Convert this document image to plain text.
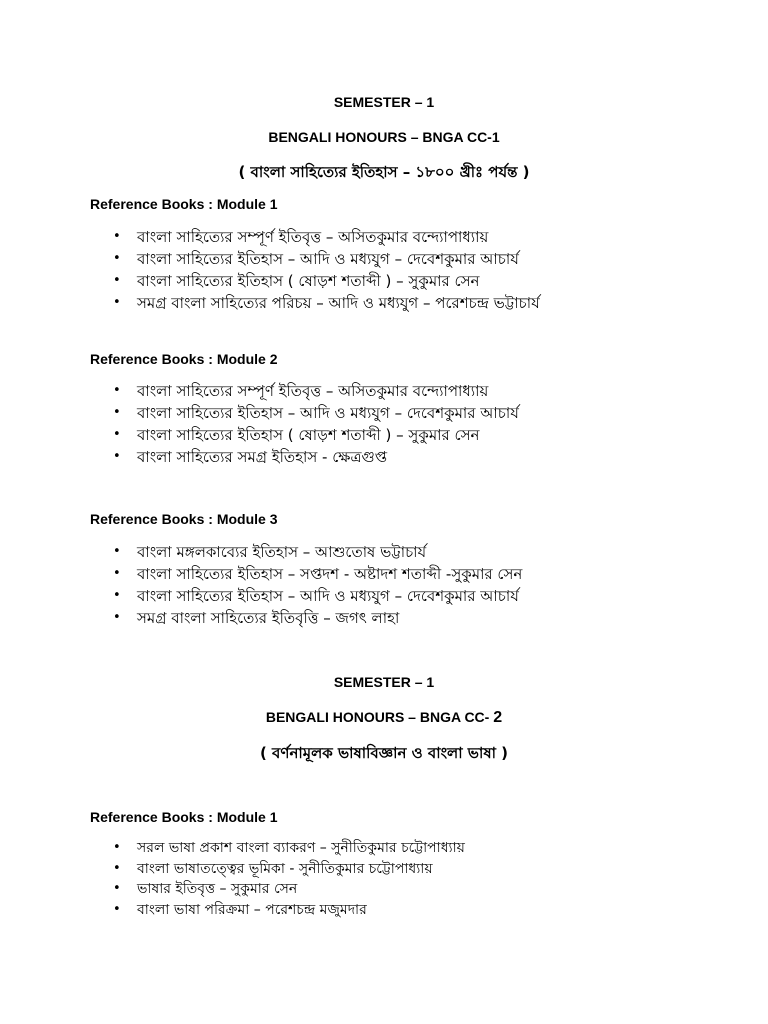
SEMESTER – 1
BENGALI HONOURS – BNGA CC-1
( বাংলা সাহিত্যের ইতিহাস – ১৮০০ খ্রীঃ পর্যন্ত )
Reference Books : Module 1
• বাংলা সাহিত্যের সম্পূর্ণ ইতিবৃত্ত – অসিতকুমার বন্দ্যোপাধ্যায়
• বাংলা সাহিত্যের ইতিহাস – আদি ও মধ্যযুগ – দেবেশকুমার আচার্য
• বাংলা সাহিত্যের ইতিহাস ( ষোড়শ শতাব্দী ) – সুকুমার সেন
• সমগ্র বাংলা সাহিত্যের পরিচয় – আদি ও মধ্যযুগ – পরেশচন্দ্র ভট্টাচার্য
Reference Books : Module 2
• বাংলা সাহিত্যের সম্পূর্ণ ইতিবৃত্ত – অসিতকুমার বন্দ্যোপাধ্যায়
• বাংলা সাহিত্যের ইতিহাস – আদি ও মধ্যযুগ – দেবেশকুমার আচার্য
• বাংলা সাহিত্যের ইতিহাস ( ষোড়শ শতাব্দী ) – সুকুমার সেন
• বাংলা সাহিত্যের সমগ্র ইতিহাস - ক্ষেত্রগুপ্ত
Reference Books : Module 3
• বাংলা মঙ্গলকাব্যের ইতিহাস – আশুতোষ ভট্টাচার্য
• বাংলা সাহিত্যের ইতিহাস – সপ্তদশ - অষ্টাদশ শতাব্দী -সুকুমার সেন
• বাংলা সাহিত্যের ইতিহাস – আদি ও মধ্যযুগ – দেবেশকুমার আচার্য
• সমগ্র বাংলা সাহিত্যের ইতিবৃত্তি – জগৎ লাহা
SEMESTER – 1
BENGALI HONOURS – BNGA CC- 2
( বর্ণনামূলক ভাষাবিজ্ঞান ও বাংলা ভাষা )
Reference Books : Module 1
• সরল ভাষা প্রকাশ বাংলা ব্যাকরণ – সুনীতিকুমার চট্টোপাধ্যায়
• বাংলা ভাষাতত্ত্বের ভূমিকা - সুনীতিকুমার চট্টোপাধ্যায়
• ভাষার ইতিবৃত্ত – সুকুমার সেন
• বাংলা ভাষা পরিক্রমা – পরেশচন্দ্র মজুমদার
